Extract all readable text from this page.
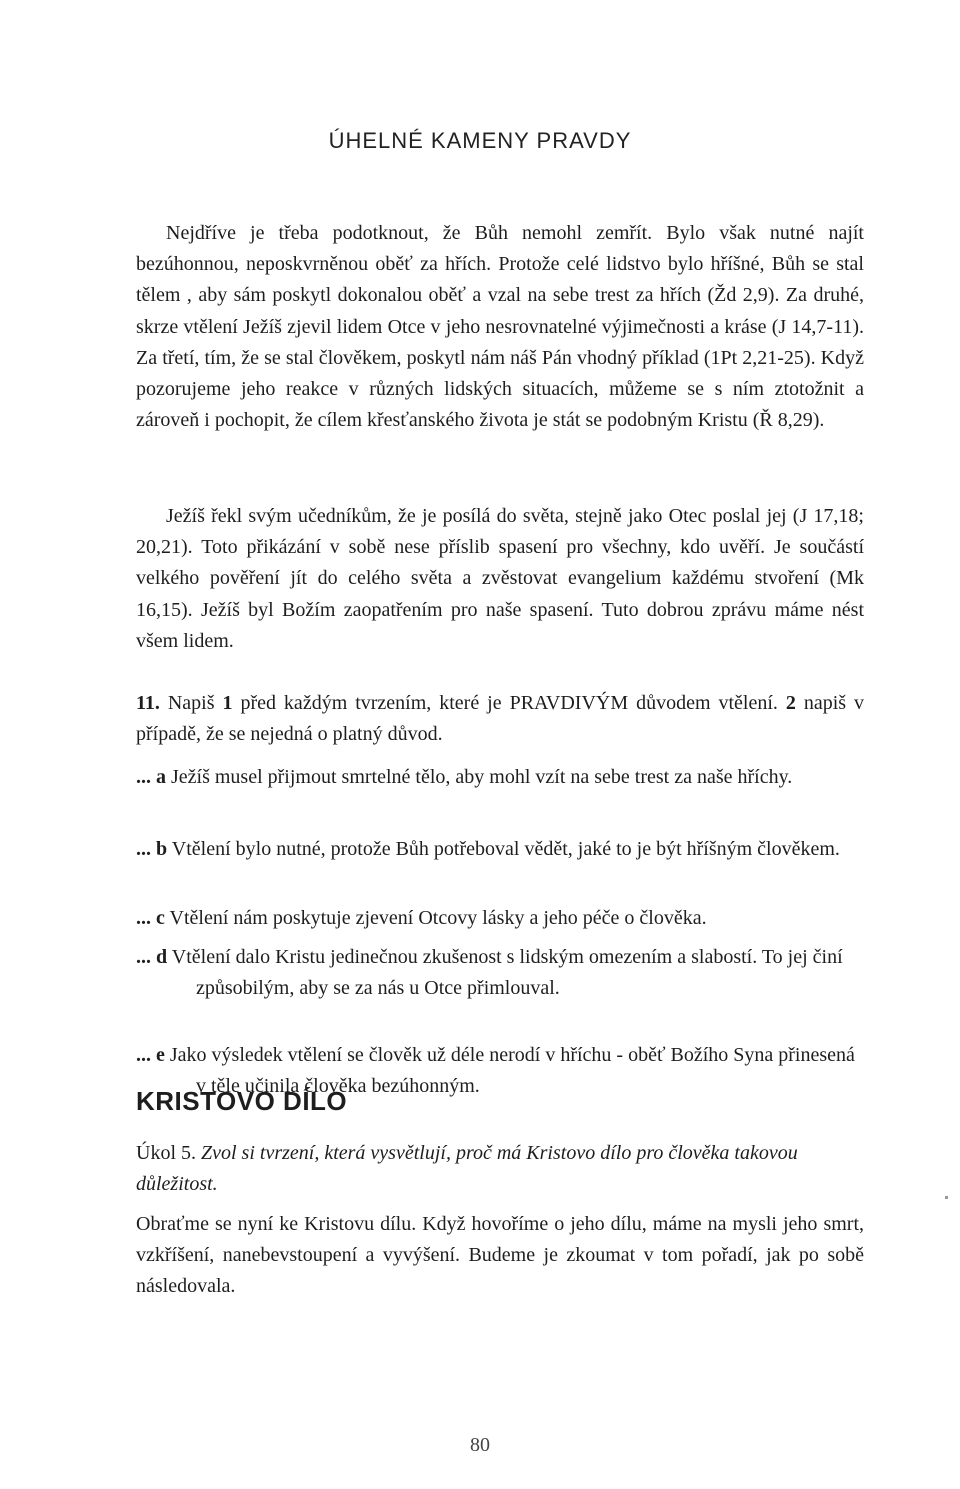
ÚHELNÉ KAMENY PRAVDY

Nejdříve je třeba podotknout, že Bůh nemohl zemřít. Bylo však nutné najít bezúhonnou, neposkvrněnou oběť za hřích. Protože celé lidstvo bylo hříšné, Bůh se stal tělem , aby sám poskytl dokonalou oběť a vzal na sebe trest za hřích (Žd 2,9). Za druhé, skrze vtělení Ježíš zjevil lidem Otce v jeho nesrovnatelné výjimečnosti a kráse (J 14,7-11). Za třetí, tím, že se stal člověkem, poskytl nám náš Pán vhodný příklad (1Pt 2,21-25). Když pozorujeme jeho reakce v různých lidských situacích, můžeme se s ním ztotožnit a zároveň i pochopit, že cílem křesťanského života je stát se podobným Kristu (Ř 8,29).

Ježíš řekl svým učedníkům, že je posílá do světa, stejně jako Otec poslal jej (J 17,18; 20,21). Toto přikázání v sobě nese příslib spasení pro všechny, kdo uvěří. Je součástí velkého pověření jít do celého světa a zvěstovat evangelium každému stvoření (Mk 16,15). Ježíš byl Božím zaopatřením pro naše spasení. Tuto dobrou zprávu máme nést všem lidem.

11. Napiš 1 před každým tvrzením, které je PRAVDIVÝM důvodem vtělení. 2 napiš v případě, že se nejedná o platný důvod.

... a Ježíš musel přijmout smrtelné tělo, aby mohl vzít na sebe trest za naše hříchy.

... b Vtělení bylo nutné, protože Bůh potřeboval vědět, jaké to je být hříšným člověkem.

... c Vtělení nám poskytuje zjevení Otcovy lásky a jeho péče o člověka.

... d Vtělení dalo Kristu jedinečnou zkušenost s lidským omezením a slabostí. To jej činí způsobilým, aby se za nás u Otce přimlouval.

... e Jako výsledek vtělení se člověk už déle nerodí v hříchu - oběť Božího Syna přinesená v těle učinila člověka bezúhonným.

KRISTOVO DÍLO

Úkol 5. Zvol si tvrzení, která vysvětlují, proč má Kristovo dílo pro člověka takovou důležitost.

Obraťme se nyní ke Kristovu dílu. Když hovoříme o jeho dílu, máme na mysli jeho smrt, vzkříšení, nanebevstoupení a vyvýšení. Budeme je zkoumat v tom pořadí, jak po sobě následovala.

80
